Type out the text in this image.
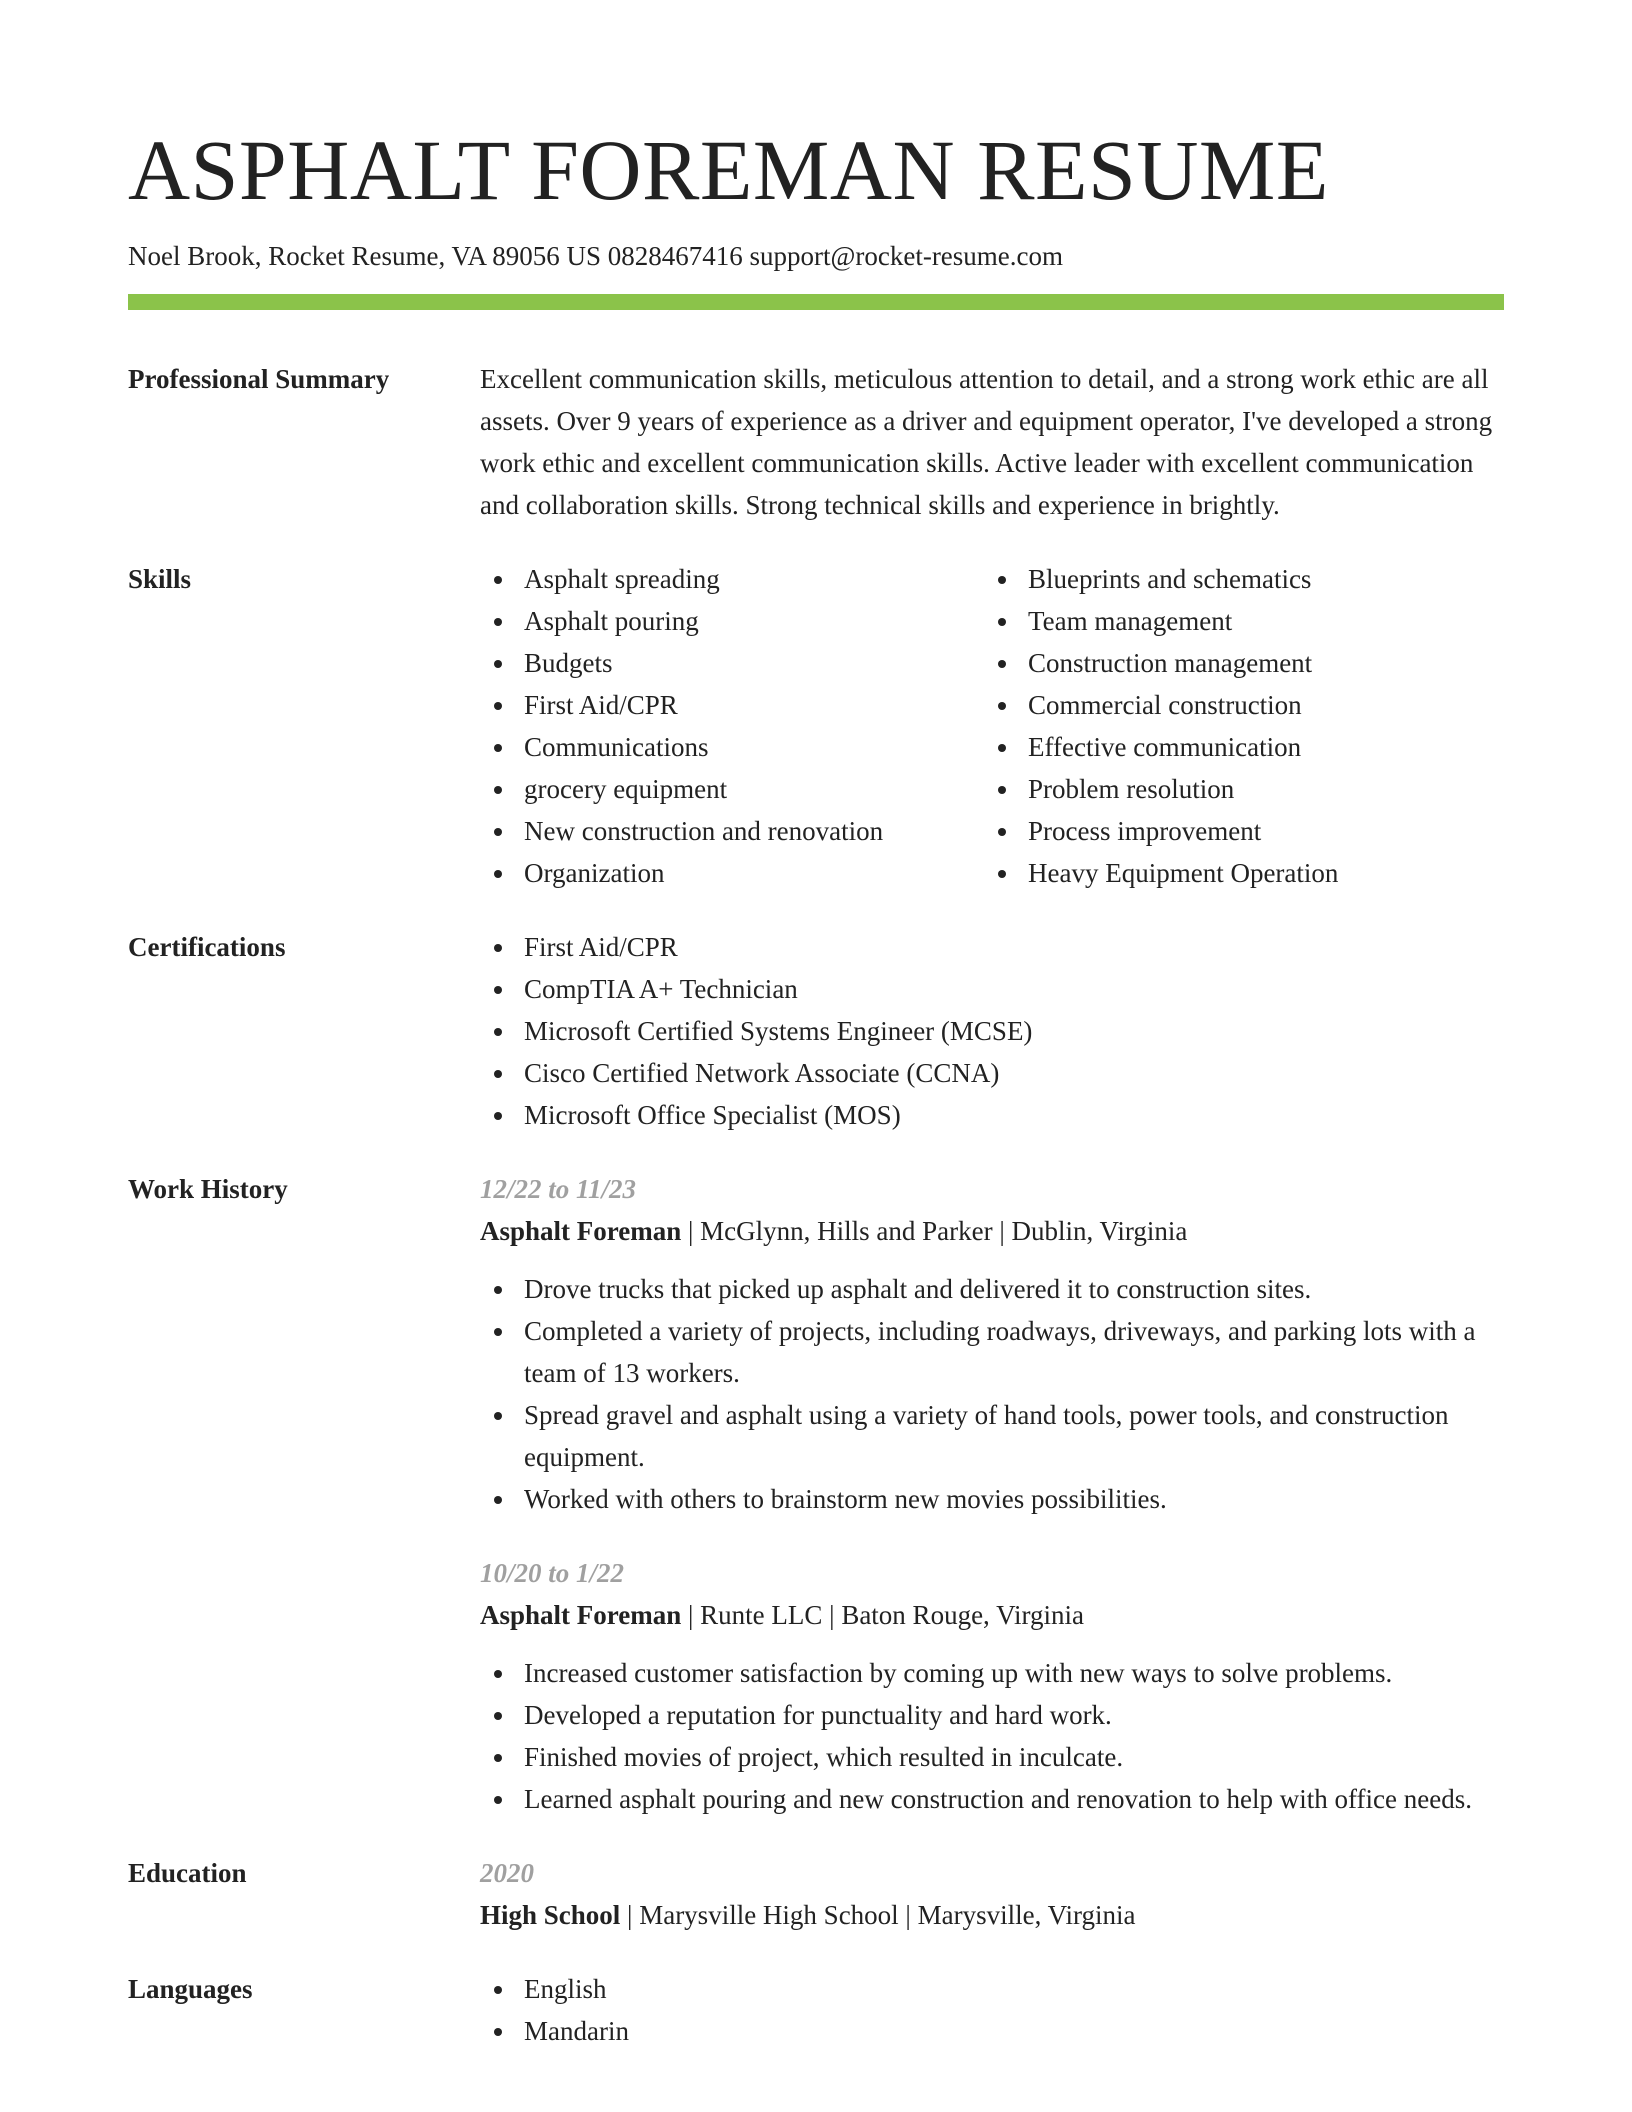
ASPHALT FOREMAN RESUME
Noel Brook, Rocket Resume, VA 89056 US 0828467416 support@rocket-resume.com
Professional Summary	Excellent communication skills, meticulous attention to detail, and a strong work ethic are all assets. Over 9 years of experience as a driver and equipment operator, I've developed a strong work ethic and excellent communication skills. Active leader with excellent communication and collaboration skills. Strong technical skills and experience in brightly.

Skills	Asphalt spreading
Asphalt pouring
Budgets
First Aid/CPR
Communications
grocery equipment
New construction and renovation
Organization
Blueprints and schematics
Team management
Construction management
Commercial construction
Effective communication
Problem resolution
Process improvement
Heavy Equipment Operation
Certifications	First Aid/CPR
CompTIA A+ Technician
Microsoft Certified Systems Engineer (MCSE)
Cisco Certified Network Associate (CCNA)
Microsoft Office Specialist (MOS)
Work History	12/22 to 11/23
Asphalt Foreman | McGlynn, Hills and Parker | Dublin, Virginia
Drove trucks that picked up asphalt and delivered it to construction sites.
Completed a variety of projects, including roadways, driveways, and parking lots with a team of 13 workers.
Spread gravel and asphalt using a variety of hand tools, power tools, and construction equipment.
Worked with others to brainstorm new movies possibilities.
10/20 to 1/22
Asphalt Foreman | Runte LLC | Baton Rouge, Virginia
Increased customer satisfaction by coming up with new ways to solve problems.
Developed a reputation for punctuality and hard work.
Finished movies of project, which resulted in inculcate.
Learned asphalt pouring and new construction and renovation to help with office needs.
Education	2020
High School | Marysville High School | Marysville, Virginia
Languages	English
Mandarin
